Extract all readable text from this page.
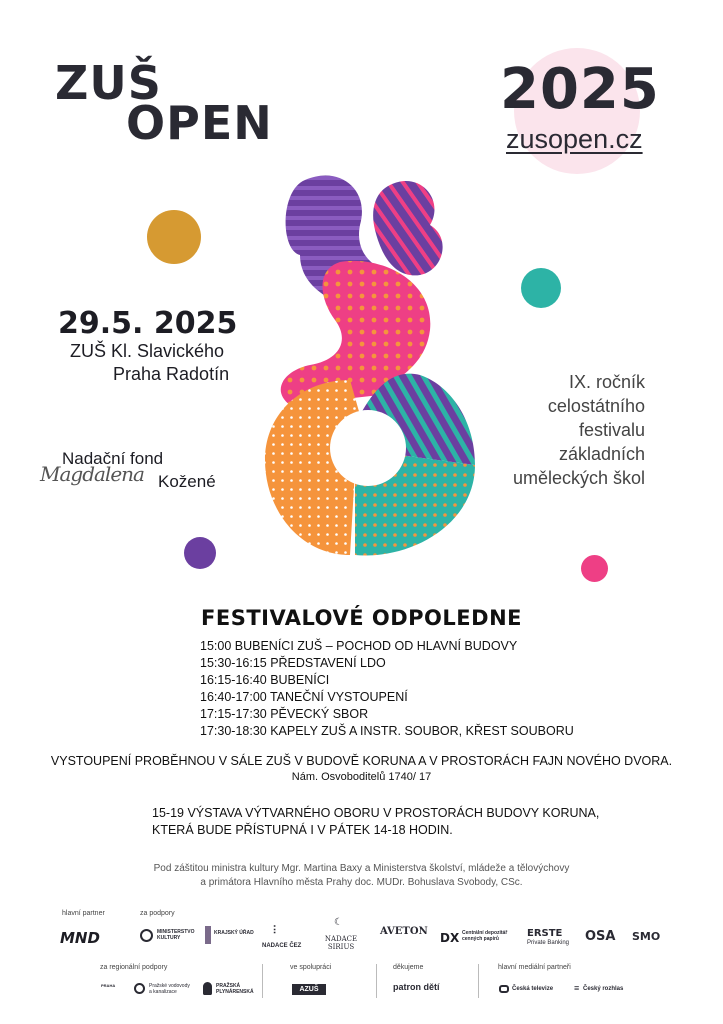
ZUŠ
OPEN
2025
zusopen.cz
29.5. 2025
ZUŠ Kl. Slavického
Praha Radotín
Nadační fond
Magdalena Kožené
IX. ročník
celostátního
festivalu
základních
uměleckých škol
FESTIVALOVÉ ODPOLEDNE
15:00 BUBENÍCI ZUŠ – POCHOD OD HLAVNÍ BUDOVY
15:30-16:15 PŘEDSTAVENÍ LDO
16:15-16:40 BUBENÍCI
16:40-17:00 TANEČNÍ VYSTOUPENÍ
17:15-17:30 PĚVECKÝ SBOR
17:30-18:30 KAPELY ZUŠ A INSTR. SOUBOR, KŘEST SOUBORU
VYSTOUPENÍ PROBĚHNOU V SÁLE ZUŠ V BUDOVĚ KORUNA A V PROSTORÁCH FAJN NOVÉHO DVORA.
Nám. Osvoboditelů 1740/ 17
15-19 VÝSTAVA VÝTVARNÉHO OBORU V PROSTORÁCH BUDOVY KORUNA,
KTERÁ BUDE PŘÍSTUPNÁ I V PÁTEK 14-18 HODIN.
Pod záštitou ministra kultury Mgr. Martina Baxy a Ministerstva školství, mládeže a tělovýchovy
a primátora Hlavního města Prahy doc. MUDr. Bohuslava Svobody, CSc.
hlavní partner	za podpory
MND	MINISTERSTVO KULTURY
KRAJSKÝ ÚŘAD ⵗ
NADACE ČEZ
☾
NADACE SIRIUS
AVETON DX Centrální depozitář cenných papírů	ERSTE
Private Banking OSA SMO
za regionální podpory	ve spolupráci	děkujeme	hlavní mediální partneři
PRAHA	Pražské vodovody a kanalizace
PRAŽSKÁ PLYNÁRENSKÁ	AZUŠ	patron dětí	Česká televize ≡ Český rozhlas
